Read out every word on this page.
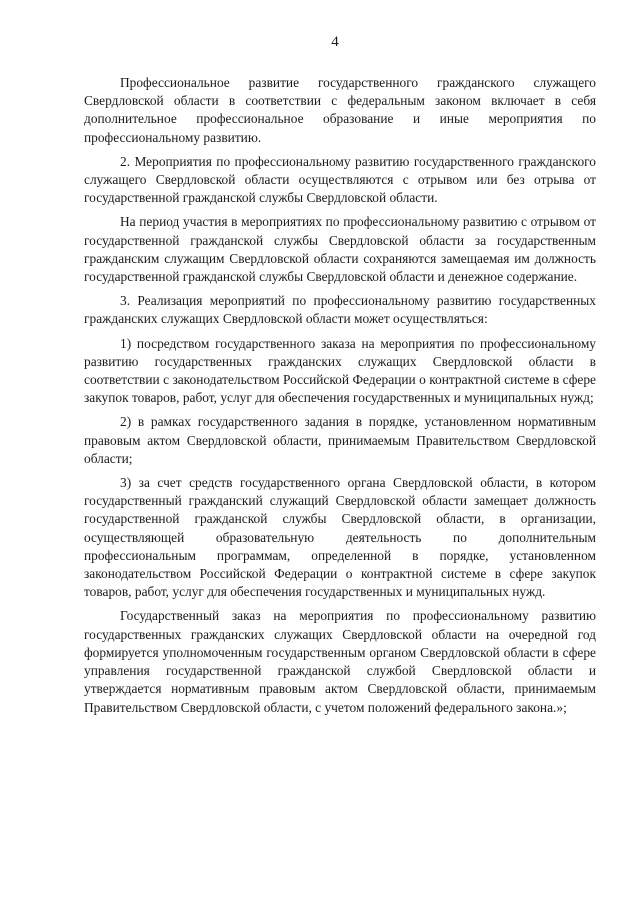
4

Профессиональное развитие государственного гражданского служащего Свердловской области в соответствии с федеральным законом включает в себя дополнительное профессиональное образование и иные мероприятия по профессиональному развитию.

2. Мероприятия по профессиональному развитию государственного гражданского служащего Свердловской области осуществляются с отрывом или без отрыва от государственной гражданской службы Свердловской области.

На период участия в мероприятиях по профессиональному развитию с отрывом от государственной гражданской службы Свердловской области за государственным гражданским служащим Свердловской области сохраняются замещаемая им должность государственной гражданской службы Свердловской области и денежное содержание.

3. Реализация мероприятий по профессиональному развитию государственных гражданских служащих Свердловской области может осуществляться:

1) посредством государственного заказа на мероприятия по профессиональному развитию государственных гражданских служащих Свердловской области в соответствии с законодательством Российской Федерации о контрактной системе в сфере закупок товаров, работ, услуг для обеспечения государственных и муниципальных нужд;

2) в рамках государственного задания в порядке, установленном нормативным правовым актом Свердловской области, принимаемым Правительством Свердловской области;

3) за счет средств государственного органа Свердловской области, в котором государственный гражданский служащий Свердловской области замещает должность государственной гражданской службы Свердловской области, в организации, осуществляющей образовательную деятельность по дополнительным профессиональным программам, определенной в порядке, установленном законодательством Российской Федерации о контрактной системе в сфере закупок товаров, работ, услуг для обеспечения государственных и муниципальных нужд.

Государственный заказ на мероприятия по профессиональному развитию государственных гражданских служащих Свердловской области на очередной год формируется уполномоченным государственным органом Свердловской области в сфере управления государственной гражданской службой Свердловской области и утверждается нормативным правовым актом Свердловской области, принимаемым Правительством Свердловской области, с учетом положений федерального закона.»;
